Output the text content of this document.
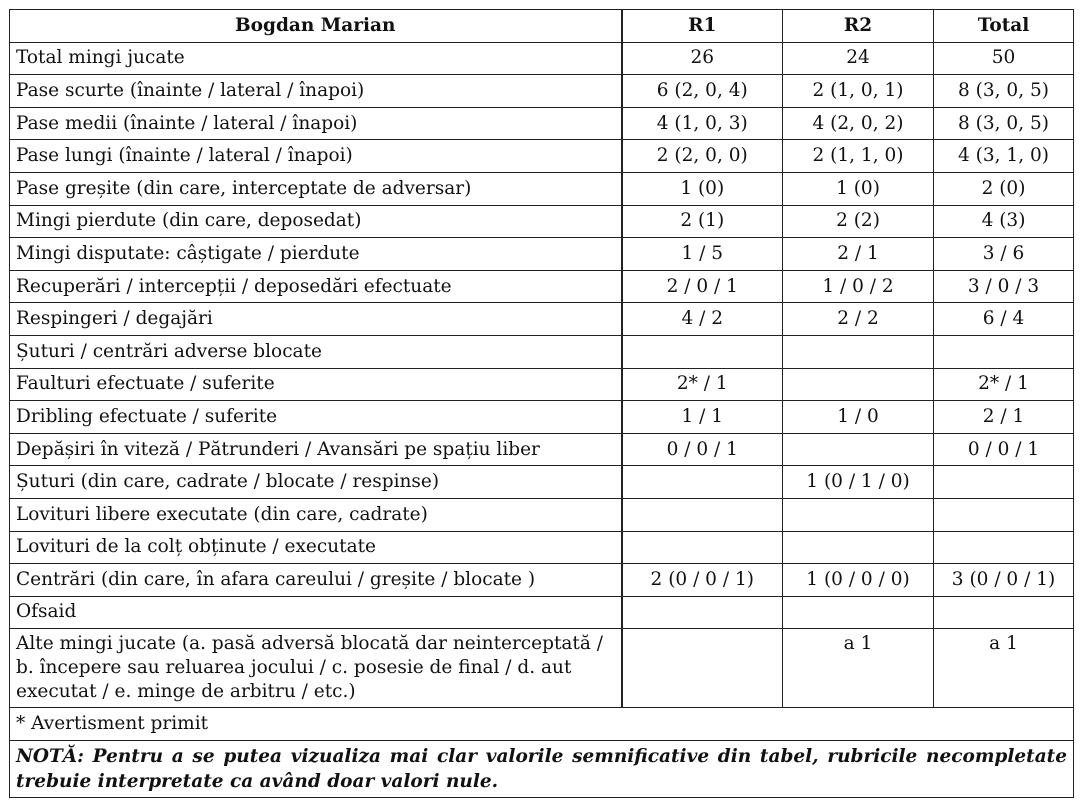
Bogdan Marian	R1	R2	Total
Total mingi jucate	26	24	50
Pase scurte (înainte / lateral / înapoi)	6 (2, 0, 4)	2 (1, 0, 1)	8 (3, 0, 5)
Pase medii (înainte / lateral / înapoi)	4 (1, 0, 3)	4 (2, 0, 2)	8 (3, 0, 5)
Pase lungi (înainte / lateral / înapoi)	2 (2, 0, 0)	2 (1, 1, 0)	4 (3, 1, 0)
Pase greșite (din care, interceptate de adversar)	1 (0)	1 (0)	2 (0)
Mingi pierdute (din care, deposedat)	2 (1)	2 (2)	4 (3)
Mingi disputate: câștigate / pierdute	1 / 5	2 / 1	3 / 6
Recuperări / intercepții / deposedări efectuate	2 / 0 / 1	1 / 0 / 2	3 / 0 / 3
Respingeri / degajări	4 / 2	2 / 2	6 / 4
Șuturi / centrări adverse blocate			
Faulturi efectuate / suferite	2* / 1		2* / 1
Dribling efectuate / suferite	1 / 1	1 / 0	2 / 1
Depășiri în viteză / Pătrunderi / Avansări pe spațiu liber	0 / 0 / 1		0 / 0 / 1
Șuturi (din care, cadrate / blocate / respinse)		1 (0 / 1 / 0)	
Lovituri libere executate (din care, cadrate)			
Lovituri de la colț obținute / executate			
Centrări (din care, în afara careului / greșite / blocate )	2 (0 / 0 / 1)	1 (0 / 0 / 0)	3 (0 / 0 / 1)
Ofsaid			
Alte mingi jucate (a. pasă adversă blocată dar neinterceptată / b. începere sau reluarea jocului / c. posesie de final / d. aut executat / e. minge de arbitru / etc.)		a 1	a 1
* Avertisment primit			
NOTĂ: Pentru a se putea vizualiza mai clar valorile semnificative din tabel, rubricile necompletate trebuie interpretate ca având doar valori nule.			
